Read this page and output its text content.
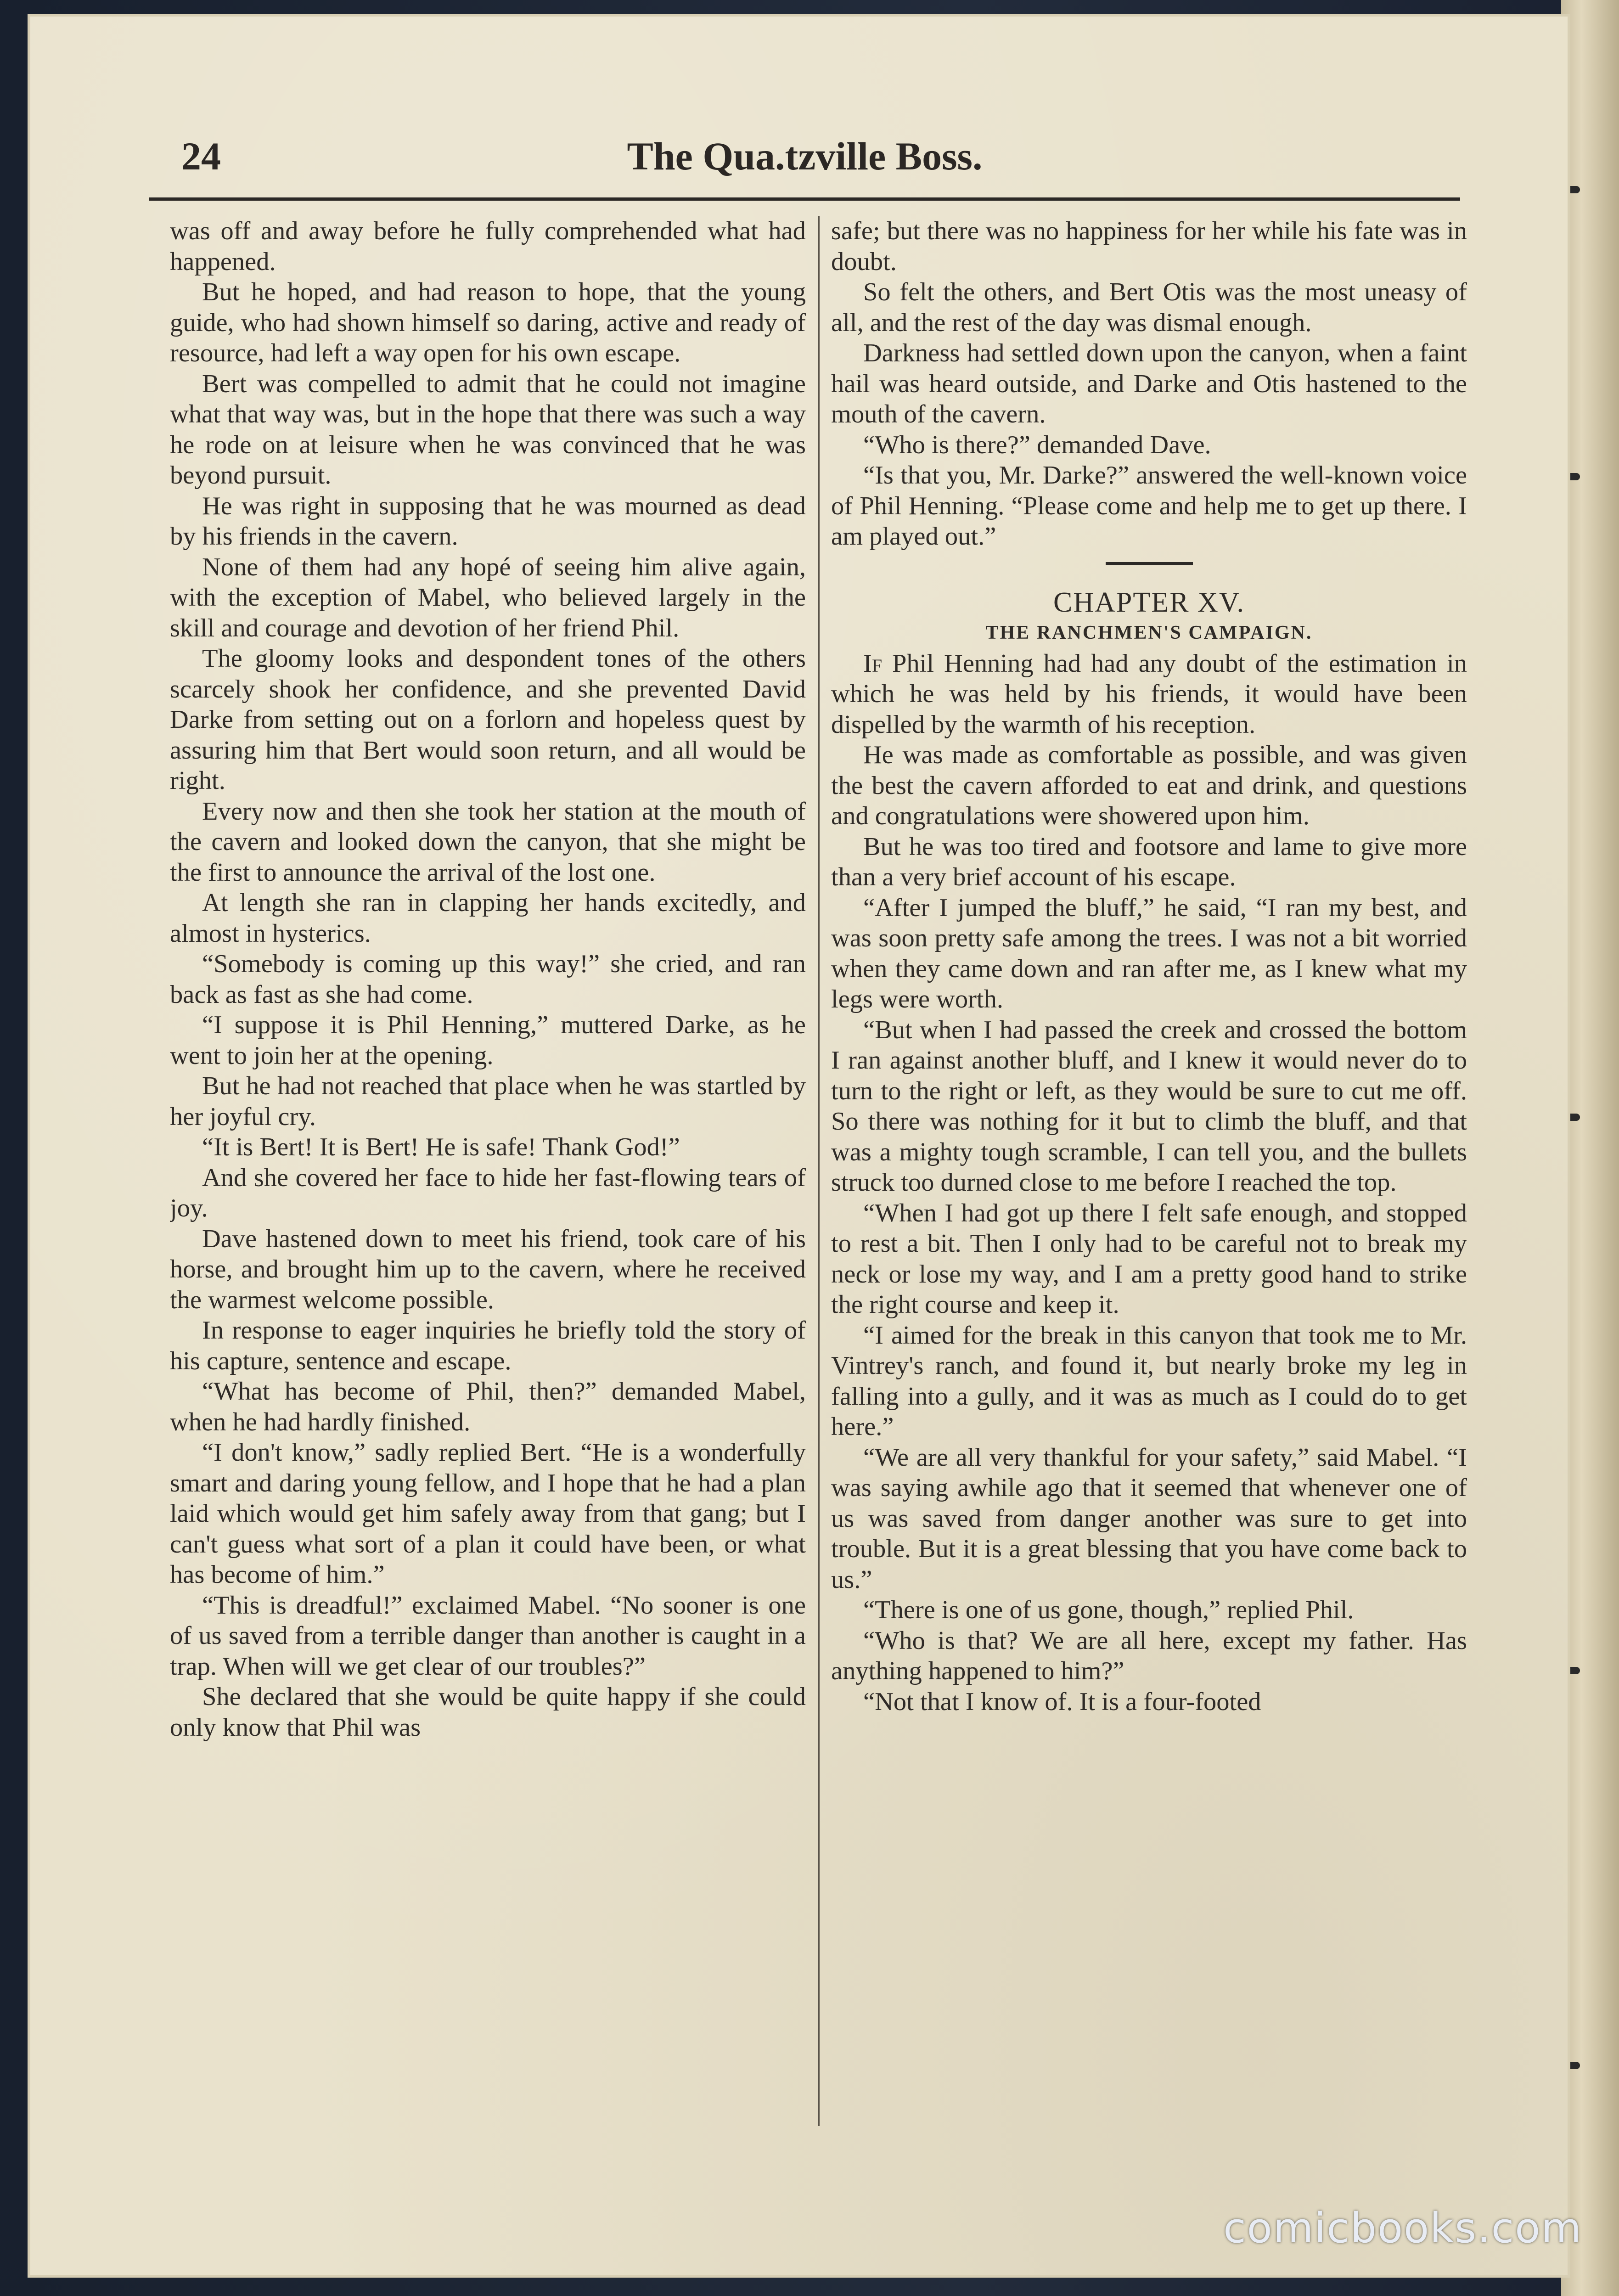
24	The Qua.tzville Boss.

was off and away before he fully comprehended what had happened.

But he hoped, and had reason to hope, that the young guide, who had shown himself so daring, active and ready of resource, had left a way open for his own escape.

Bert was compelled to admit that he could not imagine what that way was, but in the hope that there was such a way he rode on at leisure when he was convinced that he was beyond pursuit.

He was right in supposing that he was mourned as dead by his friends in the cavern.

None of them had any hopé of seeing him alive again, with the exception of Mabel, who believed largely in the skill and courage and devotion of her friend Phil.

The gloomy looks and despondent tones of the others scarcely shook her confidence, and she prevented David Darke from setting out on a forlorn and hopeless quest by assuring him that Bert would soon return, and all would be right.

Every now and then she took her station at the mouth of the cavern and looked down the canyon, that she might be the first to announce the arrival of the lost one.

At length she ran in clapping her hands excitedly, and almost in hysterics.

“Somebody is coming up this way!” she cried, and ran back as fast as she had come.

“I suppose it is Phil Henning,” muttered Darke, as he went to join her at the opening.

But he had not reached that place when he was startled by her joyful cry.

“It is Bert! It is Bert! He is safe! Thank God!”

And she covered her face to hide her fast-flowing tears of joy.

Dave hastened down to meet his friend, took care of his horse, and brought him up to the cavern, where he received the warmest welcome possible.

In response to eager inquiries he briefly told the story of his capture, sentence and escape.

“What has become of Phil, then?” demanded Mabel, when he had hardly finished.

“I don't know,” sadly replied Bert. “He is a wonderfully smart and daring young fellow, and I hope that he had a plan laid which would get him safely away from that gang; but I can't guess what sort of a plan it could have been, or what has become of him.”

“This is dreadful!” exclaimed Mabel. “No sooner is one of us saved from a terrible danger than another is caught in a trap. When will we get clear of our troubles?”

She declared that she would be quite happy if she could only know that Phil was

safe; but there was no happiness for her while his fate was in doubt.

So felt the others, and Bert Otis was the most uneasy of all, and the rest of the day was dismal enough.

Darkness had settled down upon the canyon, when a faint hail was heard outside, and Darke and Otis hastened to the mouth of the cavern.

“Who is there?” demanded Dave.

“Is that you, Mr. Darke?” answered the well-known voice of Phil Henning. “Please come and help me to get up there. I am played out.”

CHAPTER XV.

THE RANCHMEN'S CAMPAIGN.

If Phil Henning had had any doubt of the estimation in which he was held by his friends, it would have been dispelled by the warmth of his reception.

He was made as comfortable as possible, and was given the best the cavern afforded to eat and drink, and questions and congratulations were showered upon him.

But he was too tired and footsore and lame to give more than a very brief account of his escape.

“After I jumped the bluff,” he said, “I ran my best, and was soon pretty safe among the trees. I was not a bit worried when they came down and ran after me, as I knew what my legs were worth.

“But when I had passed the creek and crossed the bottom I ran against another bluff, and I knew it would never do to turn to the right or left, as they would be sure to cut me off. So there was nothing for it but to climb the bluff, and that was a mighty tough scramble, I can tell you, and the bullets struck too durned close to me before I reached the top.

“When I had got up there I felt safe enough, and stopped to rest a bit. Then I only had to be careful not to break my neck or lose my way, and I am a pretty good hand to strike the right course and keep it.

“I aimed for the break in this canyon that took me to Mr. Vintrey's ranch, and found it, but nearly broke my leg in falling into a gully, and it was as much as I could do to get here.”

“We are all very thankful for your safety,” said Mabel. “I was saying awhile ago that it seemed that whenever one of us was saved from danger another was sure to get into trouble. But it is a great blessing that you have come back to us.”

“There is one of us gone, though,” replied Phil.

“Who is that? We are all here, except my father. Has anything happened to him?”

“Not that I know of. It is a four-footed

comicbooks.com
